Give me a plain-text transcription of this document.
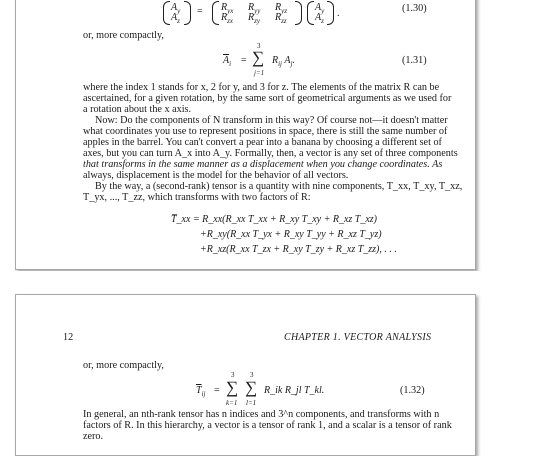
$A_y$
$A_z$
= $R_{yx}$ $R_{yy}$ $R_{yz}$
$R_{zx}$ $R_{zy}$ $R_{zz}$
$A_y$
$A_z$
.	(1.30)
or, more compactly,
$\overline{A}_i$ =
3
∑
j=1
$R_{ij}$ $A_j$.	(1.31)
where the index 1 stands for x, 2 for y, and 3 for z. The elements of the matrix R can be
ascertained, for a given rotation, by the same sort of geometrical arguments as we used for
a rotation about the x axis.
Now: Do the components of N transform in this way? Of course not—it doesn't matter
what coordinates you use to represent positions in space, there is still the same number of
apples in the barrel. You can't convert a pear into a banana by choosing a different set of
axes, but you can turn A_x into A_y. Formally, then, a vector is any set of three components
that transforms in the same manner as a displacement when you change coordinates. As
always, displacement is the model for the behavior of all vectors.
By the way, a (second-rank) tensor is a quantity with nine components, T_xx, T_xy, T_xz,
T_yx, ..., T_zz, which transforms with two factors of R:
T̅_xx = R_xx(R_xx T_xx + R_xy T_xy + R_xz T_xz)
+R_xy(R_xx T_yx + R_xy T_yy + R_xz T_yz)
+R_xz(R_xx T_zx + R_xy T_zy + R_xz T_zz), . . .
12	CHAPTER 1. VECTOR ANALYSIS
or, more compactly,
$\overline{T}_{ij}$ =
3
∑
k=1
3
∑
l=1
R_ik R_jl T_kl.	(1.32)
In general, an nth-rank tensor has n indices and 3^n components, and transforms with n
factors of R. In this hierarchy, a vector is a tensor of rank 1, and a scalar is a tensor of rank
zero.
